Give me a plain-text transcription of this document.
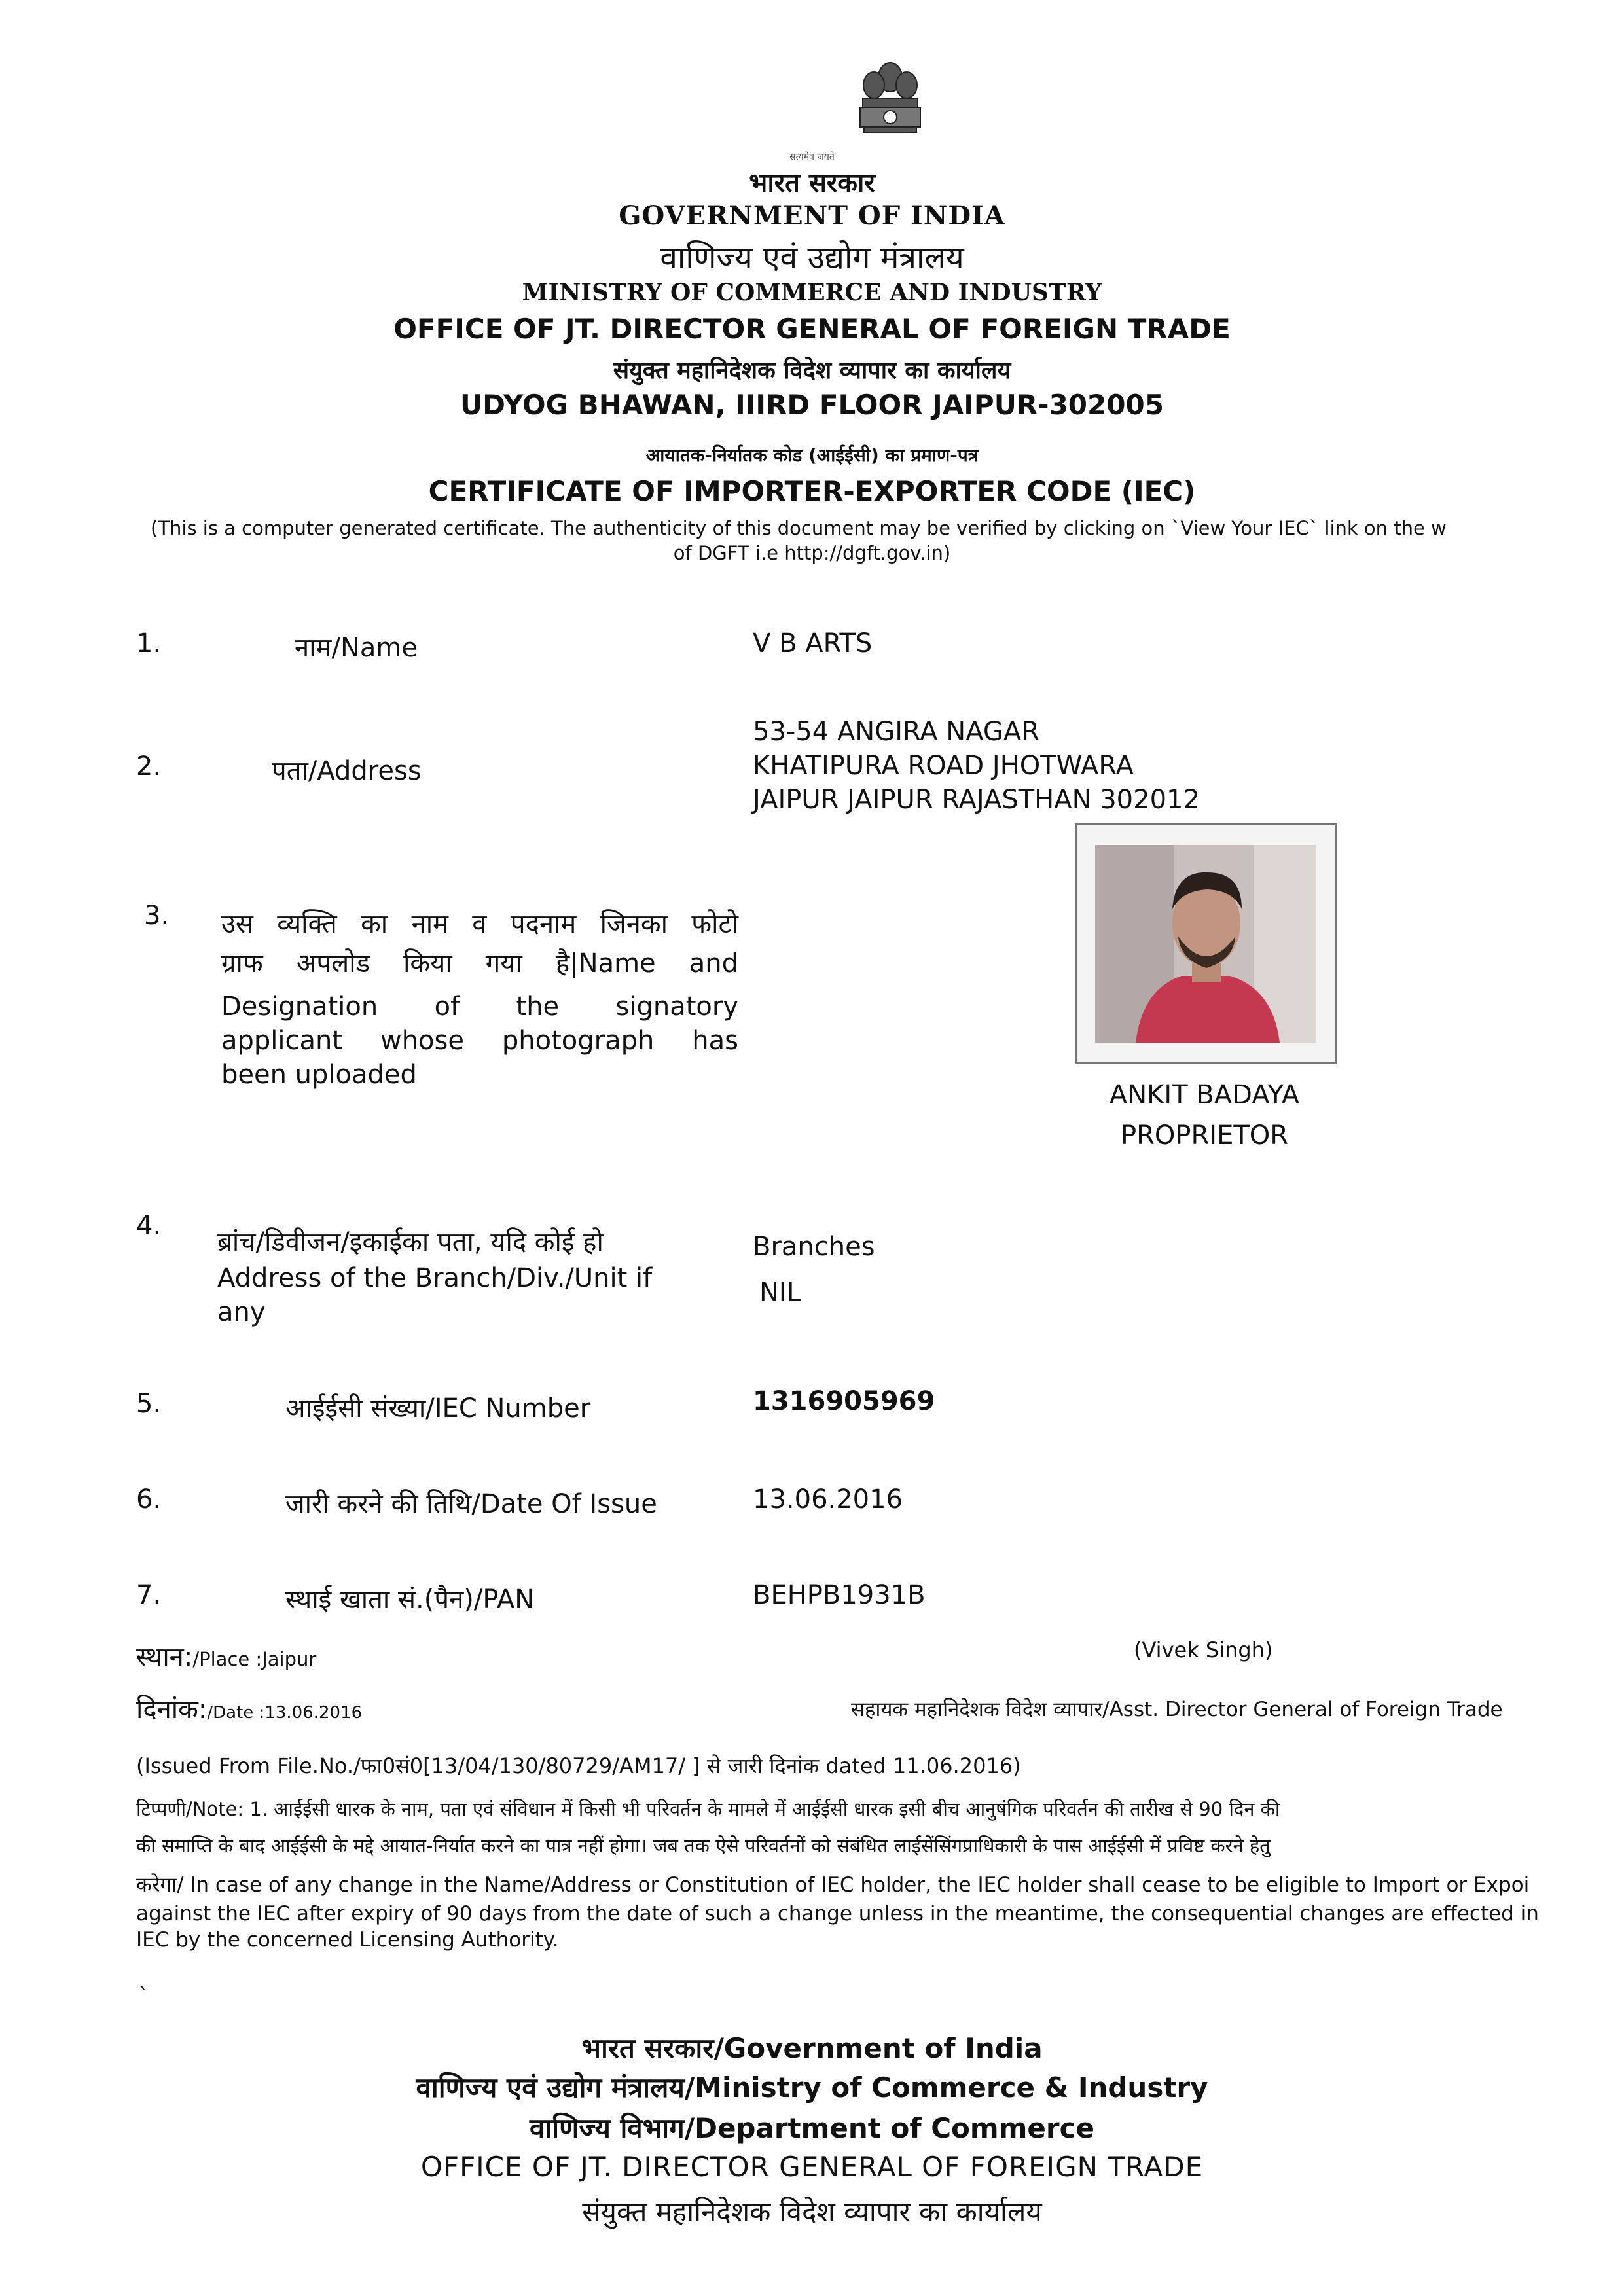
सत्यमेव जयते
भारत सरकार
GOVERNMENT OF INDIA
वाणिज्य एवं उद्योग मंत्रालय
MINISTRY OF COMMERCE AND INDUSTRY
OFFICE OF JT. DIRECTOR GENERAL OF FOREIGN TRADE
संयुक्त महानिदेशक विदेश व्यापार का कार्यालय
UDYOG BHAWAN, IIIRD FLOOR JAIPUR-302005
आयातक-निर्यातक कोड (आईईसी) का प्रमाण-पत्र
CERTIFICATE OF IMPORTER-EXPORTER CODE (IEC)
(This is a computer generated certificate. The authenticity of this document may be verified by clicking on `View Your IEC` link on the w
of DGFT i.e http://dgft.gov.in)
1.	नाम/Name	V B ARTS
2.	पता/Address
53-54 ANGIRA NAGAR
KHATIPURA ROAD JHOTWARA
JAIPUR JAIPUR RAJASTHAN 302012
3. उस व्यक्ति का नाम व पदनाम जिनका फोटो
ग्राफ अपलोड किया गया है|Name and
Designation of the signatory
applicant whose photograph has
been uploaded
ANKIT BADAYA
PROPRIETOR
4.
ब्रांच/डिवीजन/इकाईका पता, यदि कोई हो
Address of the Branch/Div./Unit if
any
Branches
NIL
5.	आईईसी संख्या/IEC Number	1316905969
6.	जारी करने की तिथि/Date Of Issue	13.06.2016
7.	स्थाई खाता सं.(पैन)/PAN	BEHPB1931B
स्थान:/Place :Jaipur	(Vivek Singh)
दिनांक:/Date :13.06.2016	सहायक महानिदेशक विदेश व्यापार/Asst. Director General of Foreign Trade
(Issued From File.No./फा0सं0[13/04/130/80729/AM17/ ] से जारी दिनांक dated 11.06.2016)
टिप्पणी/Note: 1. आईईसी धारक के नाम, पता एवं संविधान में किसी भी परिवर्तन के मामले में आईईसी धारक इसी बीच आनुषंगिक परिवर्तन की तारीख से 90 दिन की
की समाप्ति के बाद आईईसी के मद्दे आयात-निर्यात करने का पात्र नहीं होगा। जब तक ऐसे परिवर्तनों को संबंधित लाईसेंसिंगप्राधिकारी के पास आईईसी में प्रविष्ट करने हेतु
करेगा/ In case of any change in the Name/Address or Constitution of IEC holder, the IEC holder shall cease to be eligible to Import or Expoi
against the IEC after expiry of 90 days from the date of such a change unless in the meantime, the consequential changes are effected in
IEC by the concerned Licensing Authority.
`
भारत सरकार/Government of India
वाणिज्य एवं उद्योग मंत्रालय/Ministry of Commerce & Industry
वाणिज्य विभाग/Department of Commerce
OFFICE OF JT. DIRECTOR GENERAL OF FOREIGN TRADE
संयुक्त महानिदेशक विदेश व्यापार का कार्यालय
